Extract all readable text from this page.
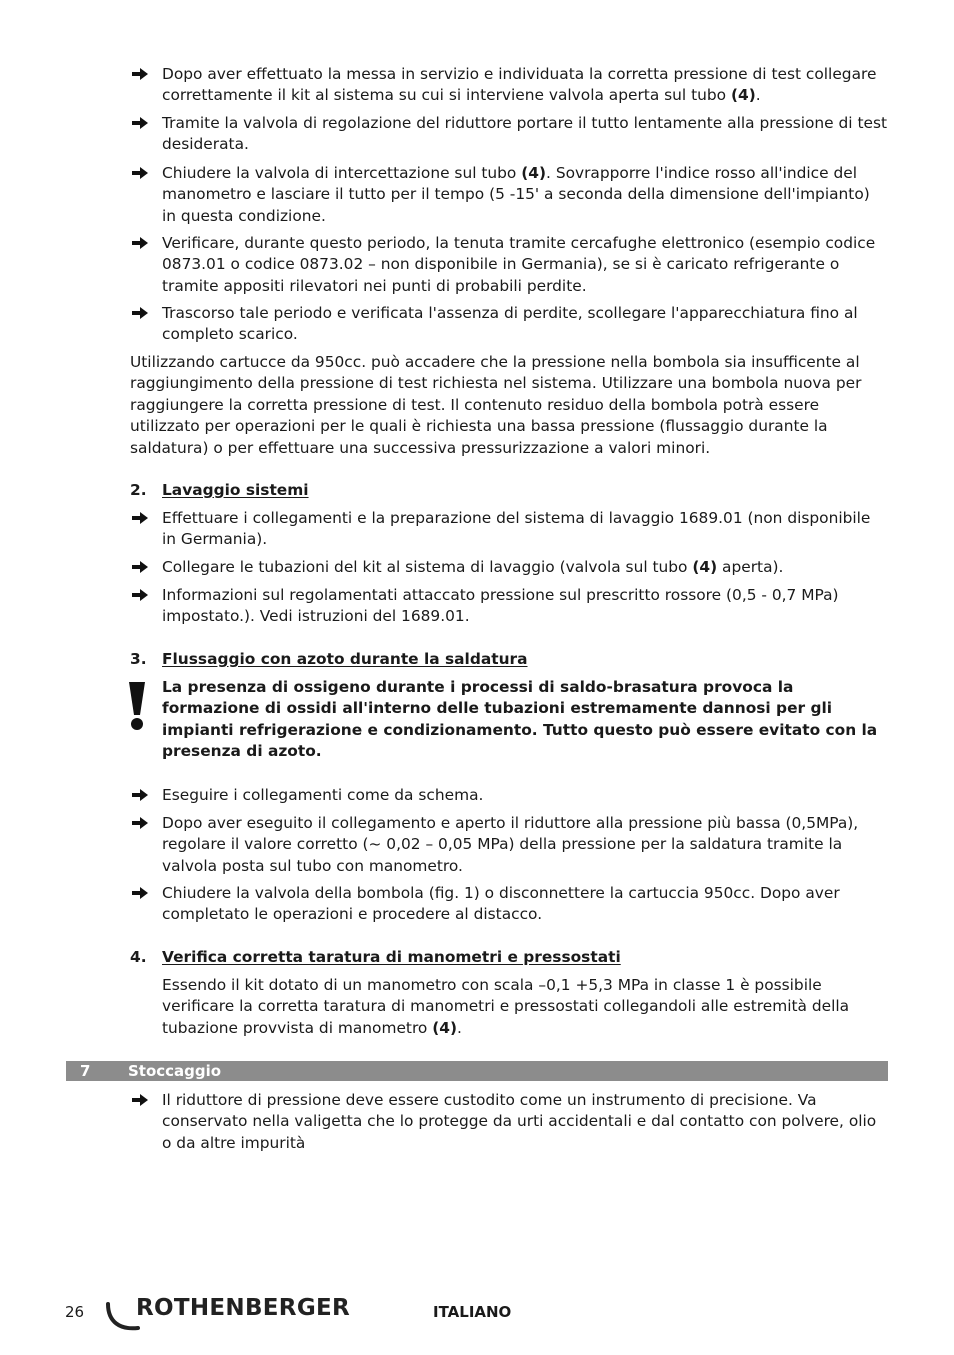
Dopo aver effettuato la messa in servizio e individuata la corretta pressione di test collegare correttamente il kit al sistema su cui si interviene valvola aperta sul tubo (4).
Tramite la valvola di regolazione del riduttore portare il tutto lentamente alla pressione di test desiderata.
Chiudere la valvola di intercettazione sul tubo (4). Sovrapporre l'indice rosso all'indice del manometro e lasciare il tutto per il tempo (5 -15' a seconda della dimensione dell'impianto) in questa condizione.
Verificare, durante questo periodo, la tenuta tramite cercafughe elettronico (esempio codice 0873.01 o codice 0873.02 – non disponibile in Germania), se si è caricato refrigerante o tramite appositi rilevatori nei punti di probabili perdite.
Trascorso tale periodo e verificata l'assenza di perdite, scollegare l'apparecchiatura fino al completo scarico.
Utilizzando cartucce da 950cc. può accadere che la pressione nella bombola sia insufficente al raggiungimento della pressione di test richiesta nel sistema. Utilizzare una bombola nuova per raggiungere la corretta pressione di test. Il contenuto residuo della bombola potrà essere utilizzato per operazioni per le quali è richiesta una bassa pressione (flussaggio durante la saldatura) o per effettuare una successiva pressurizzazione a valori minori.
2. Lavaggio sistemi
Effettuare i collegamenti e la preparazione del sistema di lavaggio 1689.01 (non disponibile in Germania).
Collegare le tubazioni del kit al sistema di lavaggio (valvola sul tubo (4) aperta).
Informazioni sul regolamentati attaccato pressione sul prescritto rossore (0,5 - 0,7 MPa) impostato.). Vedi istruzioni del 1689.01.
3. Flussaggio con azoto durante la saldatura
La presenza di ossigeno durante i processi di saldo-brasatura provoca la formazione di ossidi all'interno delle tubazioni estremamente dannosi per gli impianti refrigerazione e condizionamento. Tutto questo può essere evitato con la presenza di azoto.
Eseguire i collegamenti come da schema.
Dopo aver eseguito il collegamento e aperto il riduttore alla pressione più bassa (0,5MPa), regolare il valore corretto (~ 0,02 – 0,05 MPa) della pressione per la saldatura tramite la valvola posta sul tubo con manometro.
Chiudere la valvola della bombola (fig. 1) o disconnettere la cartuccia 950cc. Dopo aver completato le operazioni e procedere al distacco.
4. Verifica corretta taratura di manometri e pressostati
Essendo il kit dotato di un manometro con scala –0,1 +5,3 MPa in classe 1 è possibile verificare la corretta taratura di manometri e pressostati collegandoli alle estremità della tubazione provvista di manometro (4).
7	Stoccaggio
Il riduttore di pressione deve essere custodito come un instrumento di precisione. Va conservato nella valigetta che lo protegge da urti accidentali e dal contatto con polvere, olio o da altre impurità
26 ROTHENBERGER	ITALIANO
